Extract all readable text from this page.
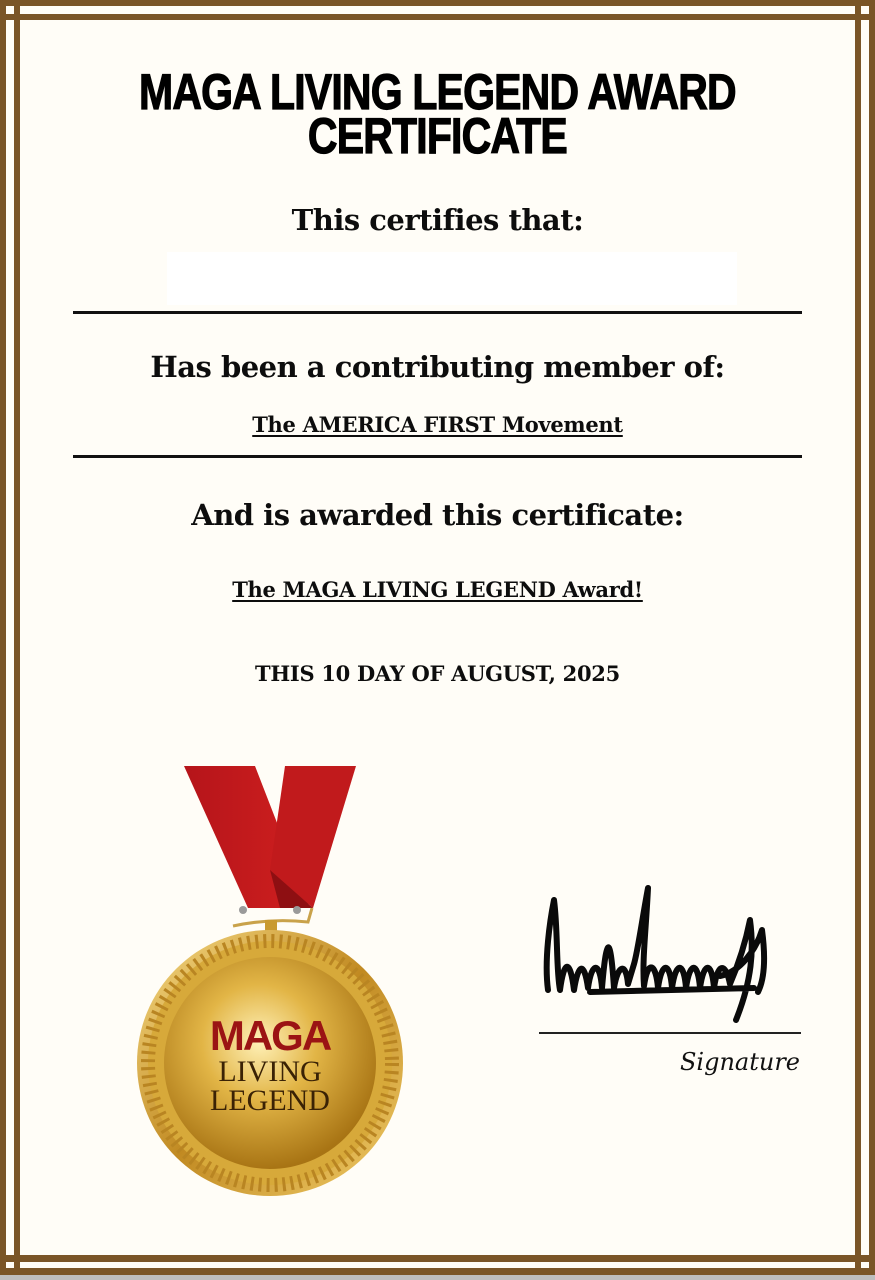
MAGA LIVING LEGEND AWARD
CERTIFICATE
This certifies that:
Has been a contributing member of:
The AMERICA FIRST Movement
And is awarded this certificate:
The MAGA LIVING LEGEND Award!
THIS 10 DAY OF AUGUST, 2025
MAGA
LIVING
LEGEND
Signature
